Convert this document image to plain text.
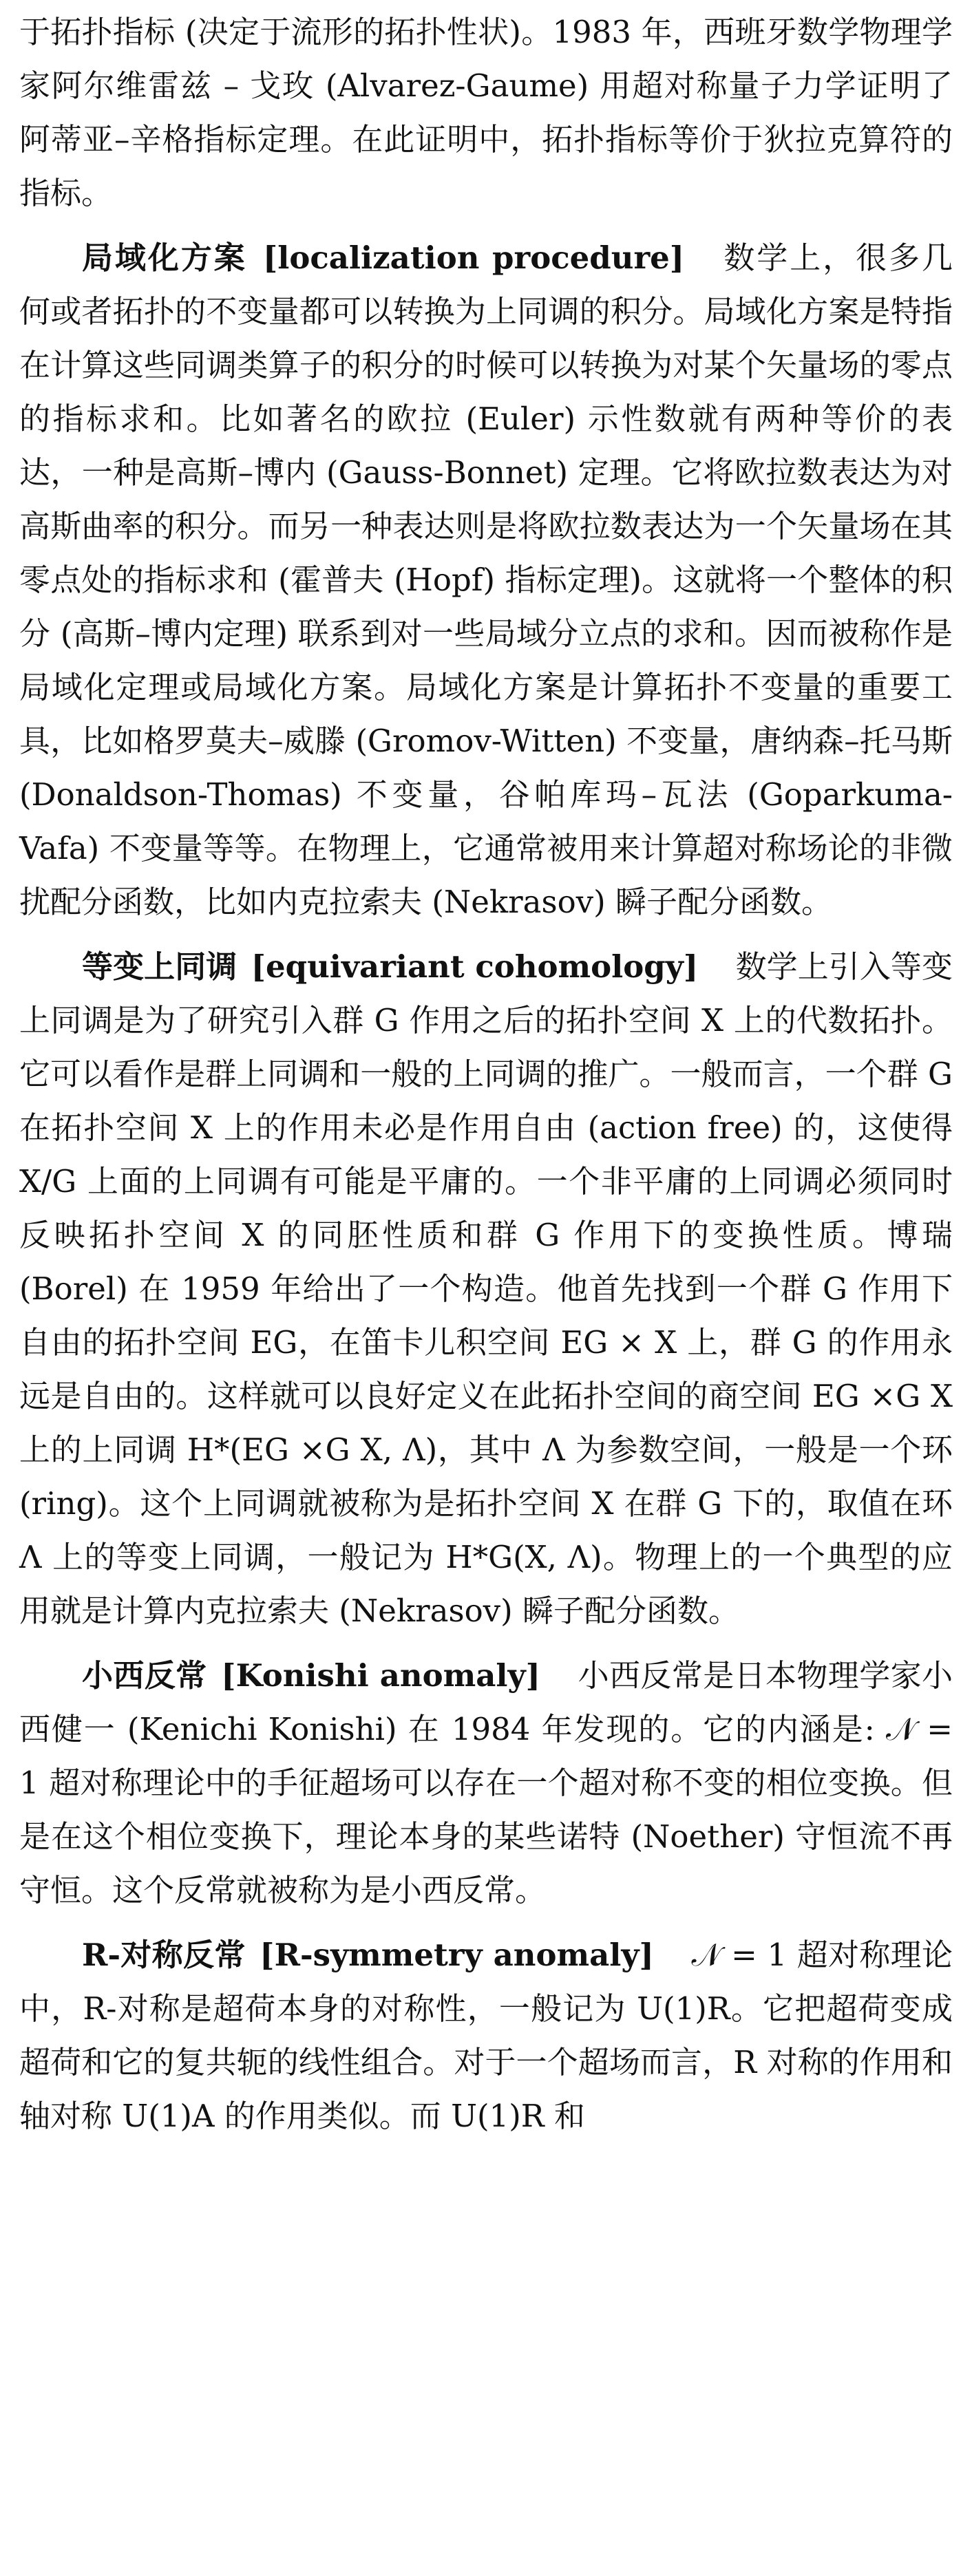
于拓扑指标 (决定于流形的拓扑性状)。1983 年，西班牙数学物理学家阿尔维雷兹 – 戈玫 (Alvarez-Gaume) 用超对称量子力学证明了阿蒂亚–辛格指标定理。在此证明中，拓扑指标等价于狄拉克算符的指标。

局域化方案 [localization procedure] 数学上，很多几何或者拓扑的不变量都可以转换为上同调的积分。局域化方案是特指在计算这些同调类算子的积分的时候可以转换为对某个矢量场的零点的指标求和。比如著名的欧拉 (Euler) 示性数就有两种等价的表达，一种是高斯–博内 (Gauss-Bonnet) 定理。它将欧拉数表达为对高斯曲率的积分。而另一种表达则是将欧拉数表达为一个矢量场在其零点处的指标求和 (霍普夫 (Hopf) 指标定理)。这就将一个整体的积分 (高斯–博内定理) 联系到对一些局域分立点的求和。因而被称作是局域化定理或局域化方案。局域化方案是计算拓扑不变量的重要工具，比如格罗莫夫–威滕 (Gromov-Witten) 不变量，唐纳森–托马斯 (Donaldson-Thomas) 不变量，谷帕库玛–瓦法 (Goparkuma-Vafa) 不变量等等。在物理上，它通常被用来计算超对称场论的非微扰配分函数，比如内克拉索夫 (Nekrasov) 瞬子配分函数。

等变上同调 [equivariant cohomology] 数学上引入等变上同调是为了研究引入群 G 作用之后的拓扑空间 X 上的代数拓扑。它可以看作是群上同调和一般的上同调的推广。一般而言，一个群 G 在拓扑空间 X 上的作用未必是作用自由 (action free) 的，这使得 X/G 上面的上同调有可能是平庸的。一个非平庸的上同调必须同时反映拓扑空间 X 的同胚性质和群 G 作用下的变换性质。博瑞 (Borel) 在 1959 年给出了一个构造。他首先找到一个群 G 作用下自由的拓扑空间 EG，在笛卡儿积空间 EG × X 上，群 G 的作用永远是自由的。这样就可以良好定义在此拓扑空间的商空间 EG ×G X 上的上同调 H*(EG ×G X, Λ)，其中 Λ 为参数空间，一般是一个环 (ring)。这个上同调就被称为是拓扑空间 X 在群 G 下的，取值在环 Λ 上的等变上同调，一般记为 H*G(X, Λ)。物理上的一个典型的应用就是计算内克拉索夫 (Nekrasov) 瞬子配分函数。

小西反常 [Konishi anomaly] 小西反常是日本物理学家小西健一 (Kenichi Konishi) 在 1984 年发现的。它的内涵是: 𝒩 = 1 超对称理论中的手征超场可以存在一个超对称不变的相位变换。但是在这个相位变换下，理论本身的某些诺特 (Noether) 守恒流不再守恒。这个反常就被称为是小西反常。

R-对称反常 [R-symmetry anomaly] 𝒩 = 1 超对称理论中，R-对称是超荷本身的对称性，一般记为 U(1)R。它把超荷变成超荷和它的复共轭的线性组合。对于一个超场而言，R 对称的作用和轴对称 U(1)A 的作用类似。而 U(1)R 和
